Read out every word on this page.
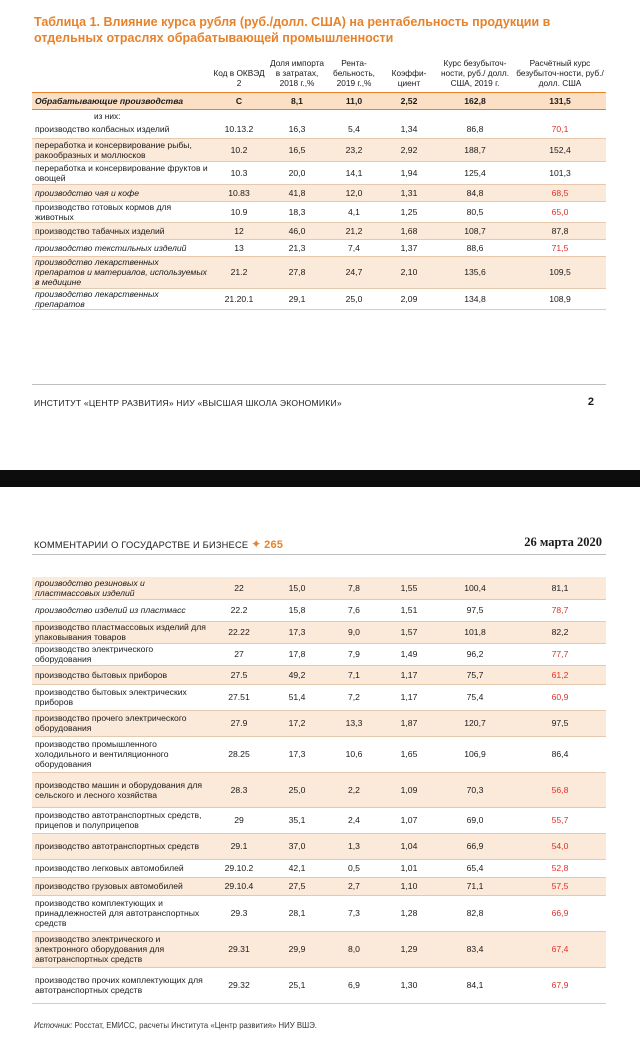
Таблица 1. Влияние курса рубля (руб./долл. США) на рентабельность продукции в отдельных отраслях обрабатывающей промышленности
	Код в ОКВЭД 2	Доля импорта в затратах, 2018 г.,%	Рента-бельность, 2019 г.,%	Коэффи-циент	Курс безубыточ-ности, руб./ долл. США, 2019 г.	Расчётный курс безубыточ-ности, руб./ долл. США
Обрабатывающие производства	С	8,1	11,0	2,52	162,8	131,5
из них:						
производство колбасных изделий	10.13.2	16,3	5,4	1,34	86,8	70,1
переработка и консервирование рыбы, ракообразных и моллюсков	10.2	16,5	23,2	2,92	188,7	152,4
переработка и консервирование фруктов и овощей	10.3	20,0	14,1	1,94	125,4	101,3
производство чая и кофе	10.83	41,8	12,0	1,31	84,8	68,5
производство готовых кормов для животных	10.9	18,3	4,1	1,25	80,5	65,0
производство табачных изделий	12	46,0	21,2	1,68	108,7	87,8
производство текстильных изделий	13	21,3	7,4	1,37	88,6	71,5
производство лекарственных препаратов и материалов, используемых в медицине	21.2	27,8	24,7	2,10	135,6	109,5
производство лекарственных препаратов	21.20.1	29,1	25,0	2,09	134,8	108,9
ИНСТИТУТ «ЦЕНТР РАЗВИТИЯ» НИУ «ВЫСШАЯ ШКОЛА ЭКОНОМИКИ»	2
КОММЕНТАРИИ О ГОСУДАРСТВЕ И БИЗНЕСЕ ✦ 265	26 марта 2020
производство резиновых и пластмассовых изделий	22	15,0	7,8	1,55	100,4	81,1
производство изделий из пластмасс	22.2	15,8	7,6	1,51	97,5	78,7
производство пластмассовых изделий для упаковывания товаров	22.22	17,3	9,0	1,57	101,8	82,2
производство электрического оборудования	27	17,8	7,9	1,49	96,2	77,7
производство бытовых приборов	27.5	49,2	7,1	1,17	75,7	61,2
производство бытовых электрических приборов	27.51	51,4	7,2	1,17	75,4	60,9
производство прочего электрического оборудования	27.9	17,2	13,3	1,87	120,7	97,5
производство промышленного холодильного и вентиляционного оборудования	28.25	17,3	10,6	1,65	106,9	86,4
производство машин и оборудования для сельского и лесного хозяйства	28.3	25,0	2,2	1,09	70,3	56,8
производство автотранспортных средств, прицепов и полуприцепов	29	35,1	2,4	1,07	69,0	55,7
производство автотранспортных средств	29.1	37,0	1,3	1,04	66,9	54,0
производство легковых автомобилей	29.10.2	42,1	0,5	1,01	65,4	52,8
производство грузовых автомобилей	29.10.4	27,5	2,7	1,10	71,1	57,5
производство комплектующих и принадлежностей для автотранспортных средств	29.3	28,1	7,3	1,28	82,8	66,9
производство электрического и электронного оборудования для автотранспортных средств	29.31	29,9	8,0	1,29	83,4	67,4
производство прочих комплектующих для автотранспортных средств	29.32	25,1	6,9	1,30	84,1	67,9
Источник: Росстат, ЕМИСС, расчеты Института «Центр развития» НИУ ВШЭ.
